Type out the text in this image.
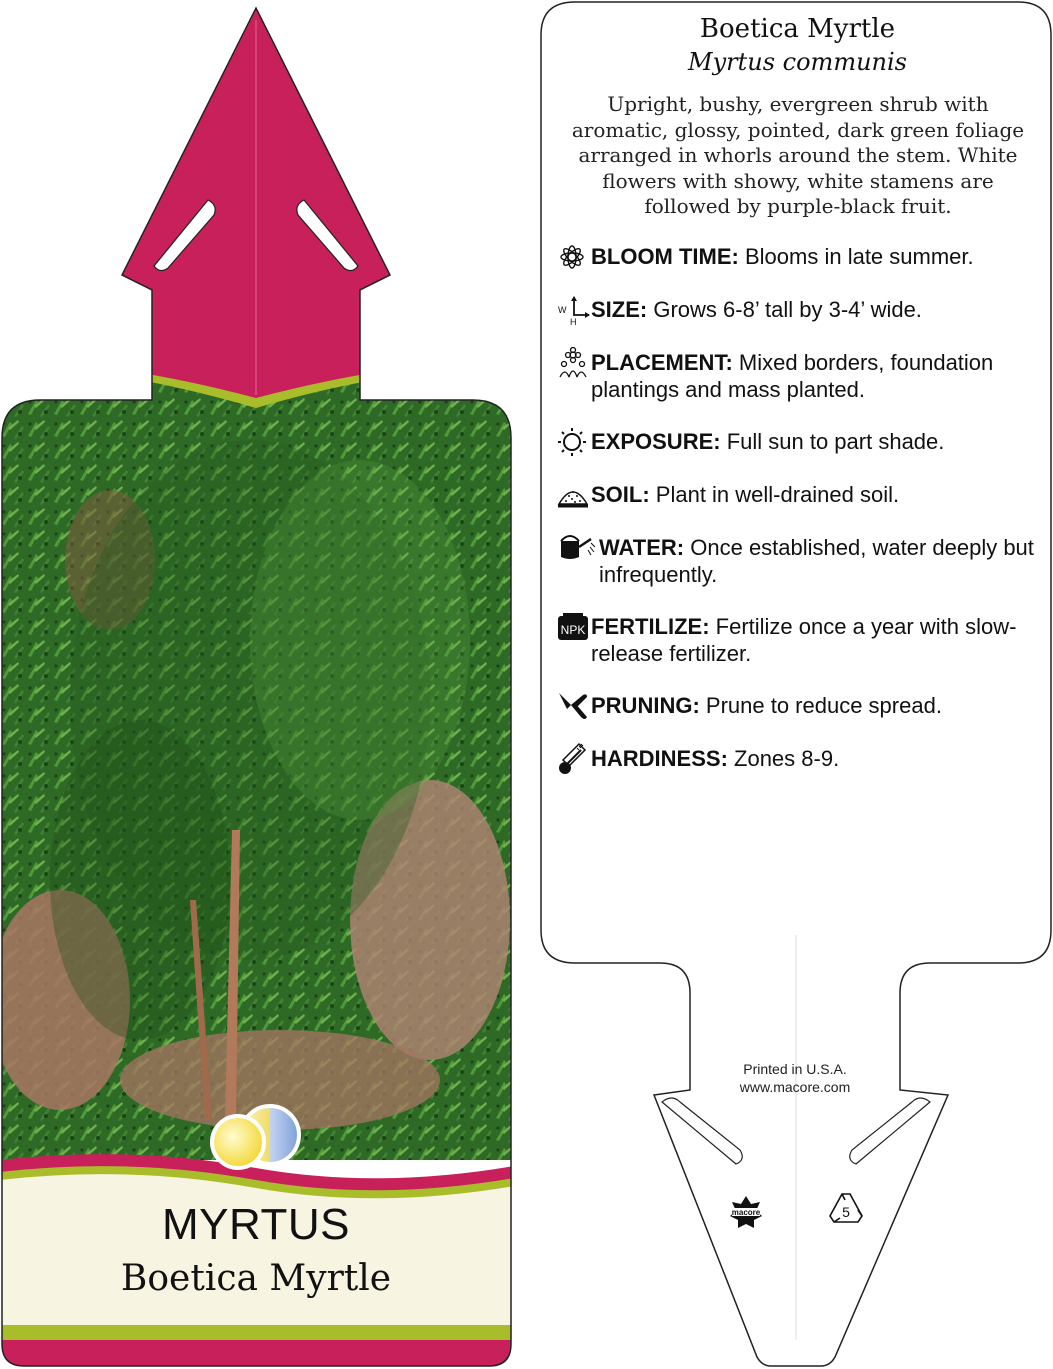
macore	5
MYRTUS
Boetica Myrtle
Boetica Myrtle
Myrtus communis
Upright, bushy, evergreen shrub with aromatic, glossy, pointed, dark green foliage arranged in whorls around the stem. White flowers with showy, white stamens are followed by purple-black fruit.
BLOOM TIME: Blooms in late summer.
W
H SIZE: Grows 6-8’ tall by 3-4’ wide.
PLACEMENT: Mixed borders, foundation plantings and mass planted.
EXPOSURE: Full sun to part shade.
SOIL: Plant in well-drained soil.
WATER: Once established, water deeply but infrequently.
NPK FERTILIZE: Fertilize once a year with slow-release fertilizer.
PRUNING: Prune to reduce spread.
HARDINESS: Zones 8-9.
Printed in U.S.A.
www.macore.com
